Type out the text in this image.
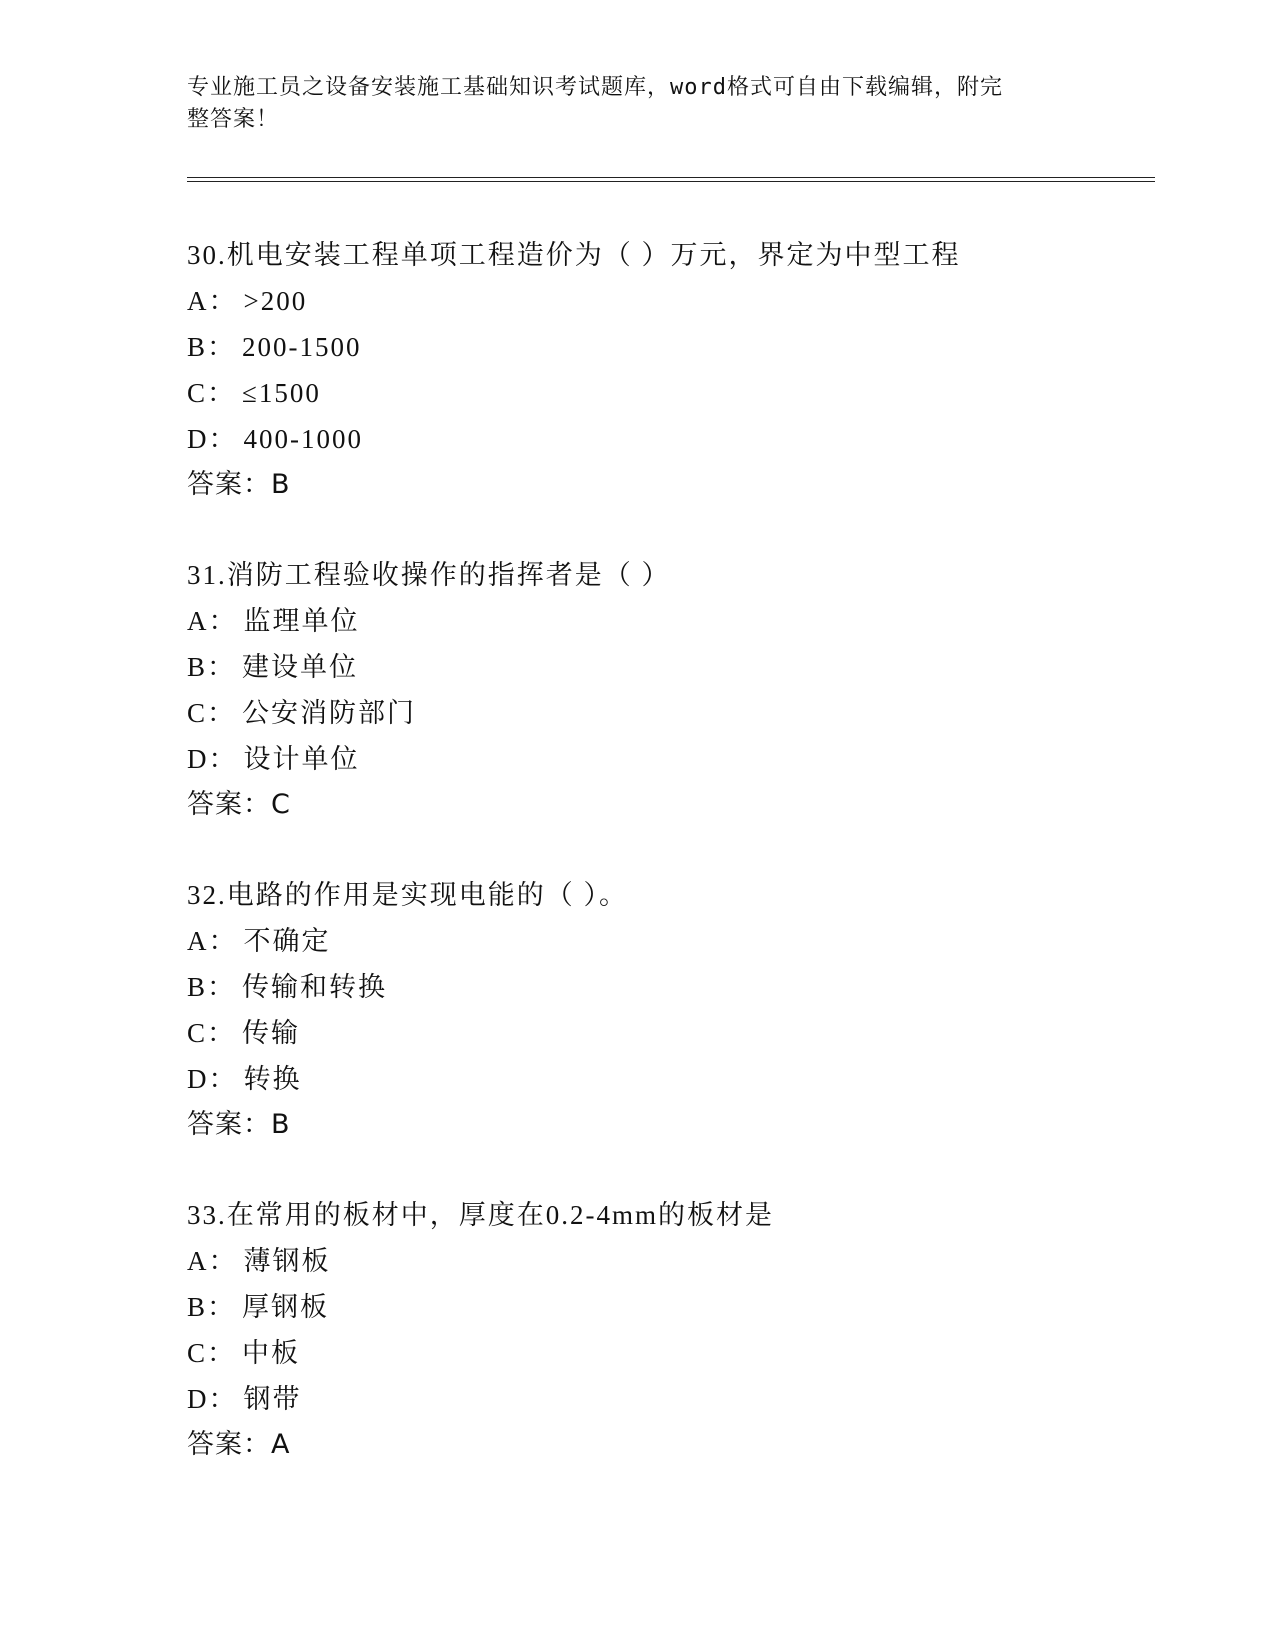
专业施工员之设备安装施工基础知识考试题库，word格式可自由下载编辑，附完
整答案！
30.机电安装工程单项工程造价为（ ）万元，界定为中型工程
A： >200
B： 200-1500
C： ≤1500
D： 400-1000
答案：B
31.消防工程验收操作的指挥者是（ ）
A： 监理单位
B： 建设单位
C： 公安消防部门
D： 设计单位
答案：C
32.电路的作用是实现电能的（ ）。
A： 不确定
B： 传输和转换
C： 传输
D： 转换
答案：B
33.在常用的板材中，厚度在0.2-4mm的板材是
A： 薄钢板
B： 厚钢板
C： 中板
D： 钢带
答案：A
